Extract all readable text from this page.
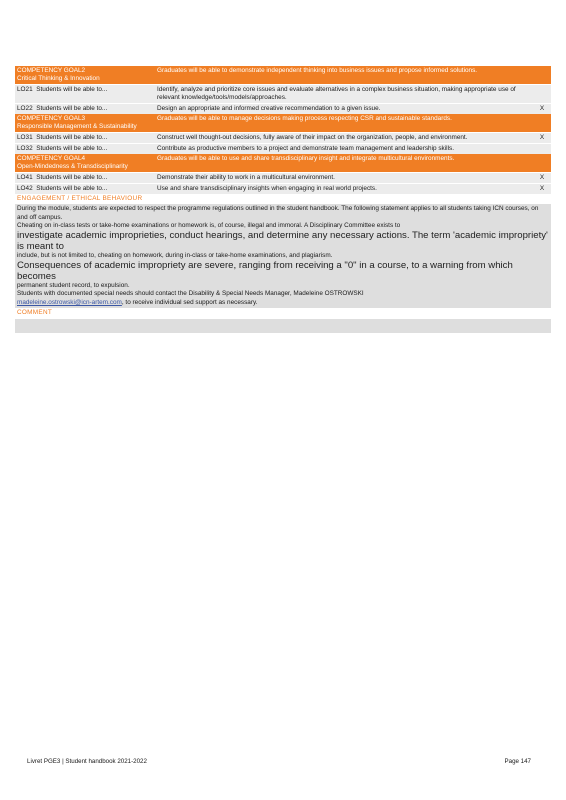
COMPETENCY GOAL2
Critical Thinking & Innovation	Graduates will be able to demonstrate independent thinking into business issues and propose informed solutions.	
LO21 Students will be able to...	Identify, analyze and prioritize core issues and evaluate alternatives in a complex business situation, making appropriate use of relevant knowledge/tools/models/approaches.	
LO22 Students will be able to...	Design an appropriate and informed creative recommendation to a given issue.	X

COMPETENCY GOAL3
Responsible Management & Sustainability	Graduates will be able to manage decisions making process respecting CSR and sustainable standards.	
LO31 Students will be able to...	Construct well thought-out decisions, fully aware of their impact on the organization, people, and environment.	X
LO32 Students will be able to...	Contribute as productive members to a project and demonstrate team management and leadership skills.	

COMPETENCY GOAL4
Open-Mindedness & Transdisciplinarity	Graduates will be able to use and share transdisciplinary insight and integrate multicultural environments.	
LO41 Students will be able to...	Demonstrate their ability to work in a multicultural environment.	X
LO42 Students will be able to...	Use and share transdisciplinary insights when engaging in real world projects.	X
ENGAGEMENT / ETHICAL BEHAVIOUR

During the module, students are expected to respect the programme regulations outlined in the student handbook. The following statement applies to all students taking ICN courses, on and off campus.

Cheating on in-class tests or take-home examinations or homework is, of course, illegal and immoral. A Disciplinary Committee exists to

investigate academic improprieties, conduct hearings, and determine any necessary actions. The term 'academic impropriety' is meant to

include, but is not limited to, cheating on homework, during in-class or take-home examinations, and plagiarism.

Consequences of academic impropriety are severe, ranging from receiving a "0" in a course, to a warning from which becomes

permanent student record, to expulsion.

Students with documented special needs should contact the Disability & Special Needs Manager, Madeleine OSTROWSKI
madeleine.ostrowski@icn-artem.com, to receive individual sed support as necessary.

COMMENT
Livret PGE3 | Student handbook 2021-2022	Page 147
